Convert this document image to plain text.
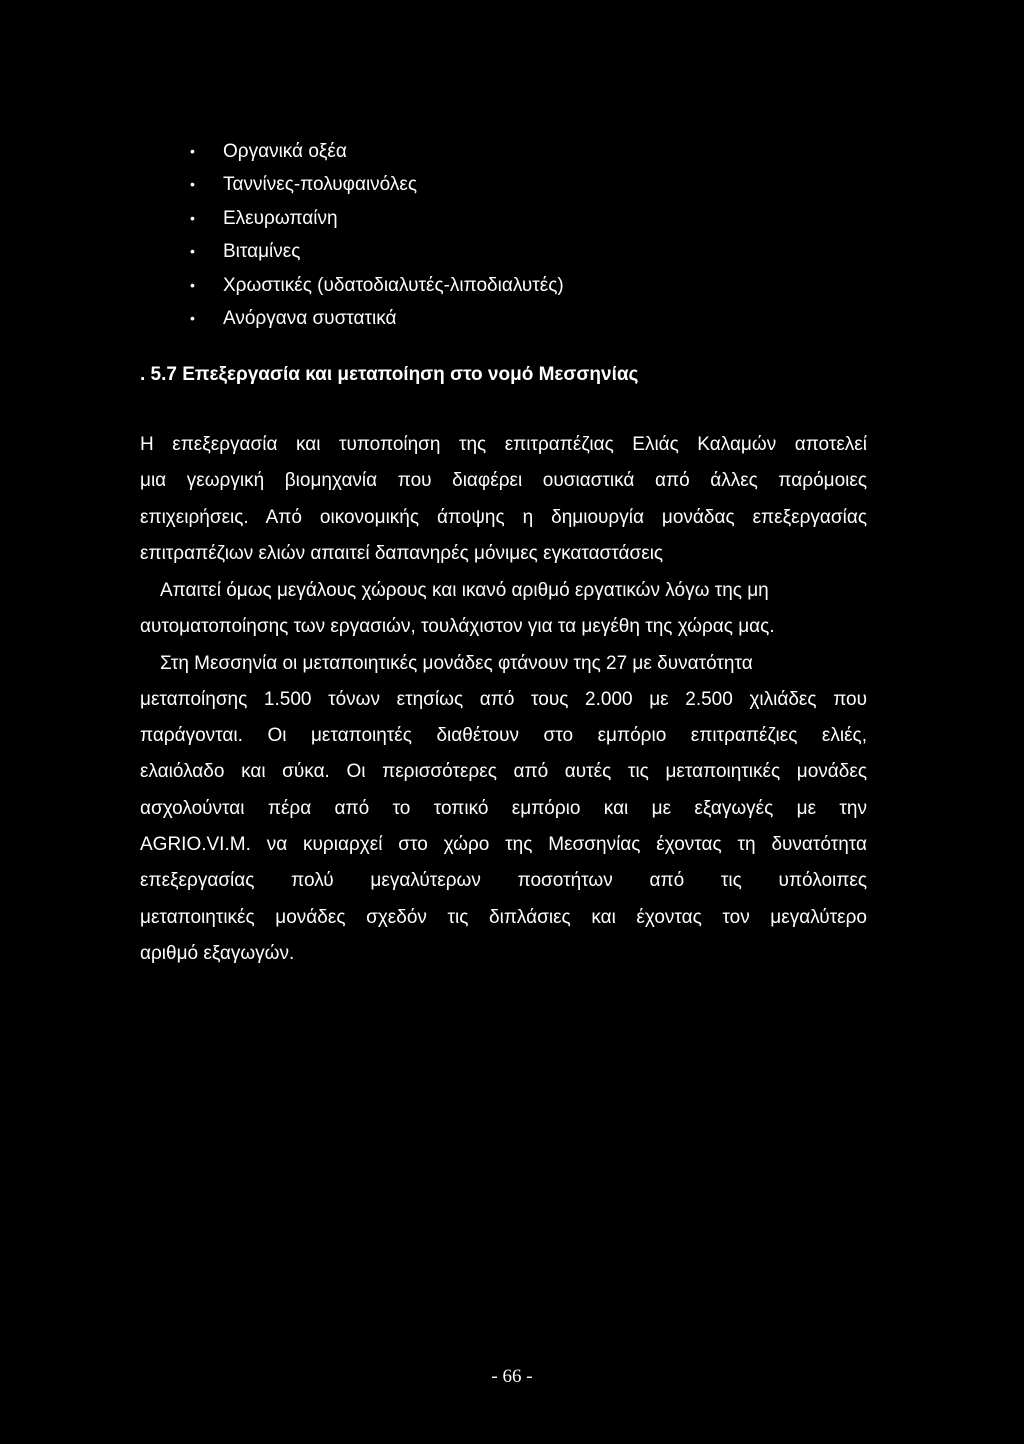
• Οργανικά οξέα
• Ταννίνες-πολυφαινόλες
• Ελευρωπαίνη
• Βιταμίνες
• Χρωστικές (υδατοδιαλυτές-λιποδιαλυτές)
• Ανόργανα συστατικά
. 5.7 Επεξεργασία και μεταποίηση στο νομό Μεσσηνίας

Η επεξεργασία και τυποποίηση της επιτραπέζιας Ελιάς Καλαμών αποτελεί
μια γεωργική βιομηχανία που διαφέρει ουσιαστικά από άλλες παρόμοιες
επιχειρήσεις. Από οικονομικής άποψης η δημιουργία μονάδας επεξεργασίας
επιτραπέζιων ελιών απαιτεί δαπανηρές μόνιμες εγκαταστάσεις

Απαιτεί όμως μεγάλους χώρους και ικανό αριθμό εργατικών λόγω της μη
αυτοματοποίησης των εργασιών, τουλάχιστον για τα μεγέθη της χώρας μας.
Στη Μεσσηνία οι μεταποιητικές μονάδες φτάνουν της 27 με δυνατότητα
μεταποίησης 1.500 τόνων ετησίως από τους 2.000 με 2.500 χιλιάδες που
παράγονται. Οι μεταποιητές διαθέτουν στο εμπόριο επιτραπέζιες ελιές,
ελαιόλαδο και σύκα. Οι περισσότερες από αυτές τις μεταποιητικές μονάδες
ασχολούνται πέρα από το τοπικό εμπόριο και με εξαγωγές με την
AGRIO.VI.M. να κυριαρχεί στο χώρο της Μεσσηνίας έχοντας τη δυνατότητα
επεξεργασίας πολύ μεγαλύτερων ποσοτήτων από τις υπόλοιπες
μεταποιητικές μονάδες σχεδόν τις διπλάσιες και έχοντας τον μεγαλύτερο
αριθμό εξαγωγών.

- 66 -
